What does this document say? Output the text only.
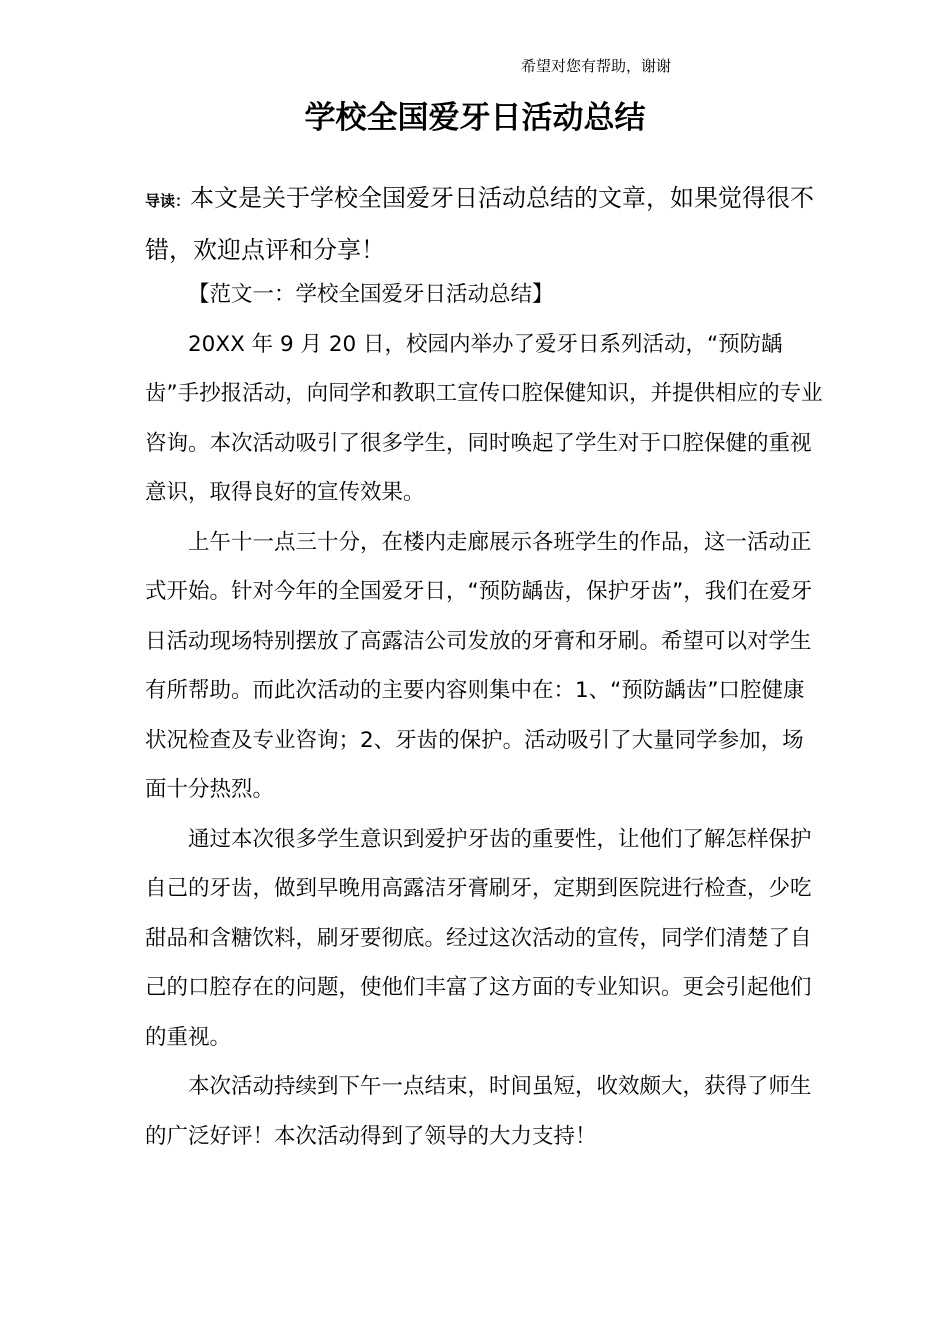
希望对您有帮助，谢谢
学校全国爱牙日活动总结
导读：本文是关于学校全国爱牙日活动总结的文章，如果觉得很不错，欢迎点评和分享！

【范文一：学校全国爱牙日活动总结】

20XX 年 9 月 20 日，校园内举办了爱牙日系列活动，“预防龋齿”手抄报活动，向同学和教职工宣传口腔保健知识，并提供相应的专业咨询。本次活动吸引了很多学生，同时唤起了学生对于口腔保健的重视意识，取得良好的宣传效果。

上午十一点三十分，在楼内走廊展示各班学生的作品，这一活动正式开始。针对今年的全国爱牙日，“预防龋齿，保护牙齿”，我们在爱牙日活动现场特别摆放了高露洁公司发放的牙膏和牙刷。希望可以对学生有所帮助。而此次活动的主要内容则集中在：1、“预防龋齿”口腔健康状况检查及专业咨询；2、牙齿的保护。活动吸引了大量同学参加，场面十分热烈。

通过本次很多学生意识到爱护牙齿的重要性，让他们了解怎样保护自己的牙齿，做到早晚用高露洁牙膏刷牙，定期到医院进行检查，少吃甜品和含糖饮料，刷牙要彻底。经过这次活动的宣传，同学们清楚了自己的口腔存在的问题，使他们丰富了这方面的专业知识。更会引起他们的重视。

本次活动持续到下午一点结束，时间虽短，收效颇大，获得了师生的广泛好评！本次活动得到了领导的大力支持！
